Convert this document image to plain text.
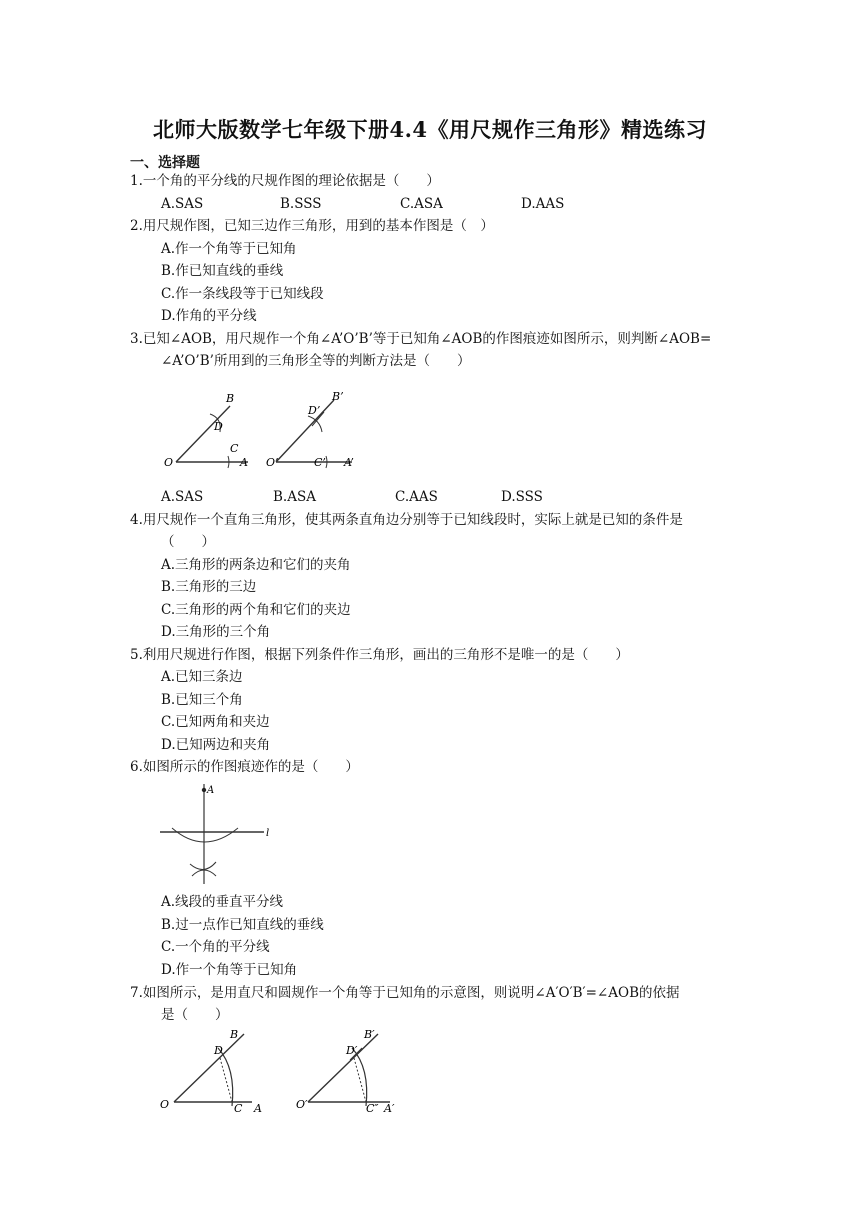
北师大版数学七年级下册4.4《用尺规作三角形》精选练习
一、选择题
1.一个角的平分线的尺规作图的理论依据是（　　）
A.SAS	B.SSS	C.ASA	D.AAS
2.用尺规作图，已知三边作三角形，用到的基本作图是（　）
A.作一个角等于已知角
B.作已知直线的垂线
C.作一条线段等于已知线段
D.作角的平分线
3.已知∠AOB，用尺规作一个角∠A’O’B’等于已知角∠AOB的作图痕迹如图所示，则判断∠AOB=
∠A’O’B’所用到的三角形全等的判断方法是（　　）
B
D
C
O	A
D’
B’
O’	C’ A’
A.SAS	B.ASA	C.AAS	D.SSS
4.用尺规作一个直角三角形，使其两条直角边分别等于已知线段时，实际上就是已知的条件是
（　　）
A.三角形的两条边和它们的夹角
B.三角形的三边
C.三角形的两个角和它们的夹边
D.三角形的三个角
5.利用尺规进行作图，根据下列条件作三角形，画出的三角形不是唯一的是（　　）
A.已知三条边
B.已知三个角
C.已知两角和夹边
D.已知两边和夹角
6.如图所示的作图痕迹作的是（　　）
A
l
A.线段的垂直平分线
B.过一点作已知直线的垂线
C.一个角的平分线
D.作一个角等于已知角
7.如图所示，是用直尺和圆规作一个角等于已知角的示意图，则说明∠A′O′B′=∠AOB的依据
是（　　）
B
D
O	C A
B′
D′
O′	C″ A′
